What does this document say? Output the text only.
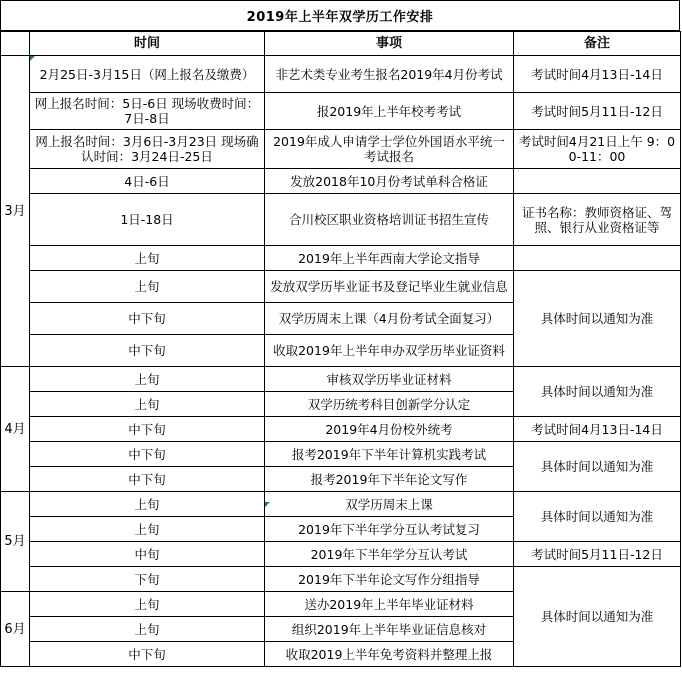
2019年上半年双学历工作安排
	时间	事项	备注
3月	2月25日-3月15日（网上报名及缴费）	非艺术类专业考生报名2019年4月份考试	考试时间4月13日-14日
	网上报名时间：5日-6日 现场收费时间：7日-8日	报2019年上半年校考考试	考试时间5月11日-12日
	网上报名时间：3月6日-3月23日 现场确认时间：3月24日-25日	2019年成人申请学士学位外国语水平统一考试报名	考试时间4月21日上午 9：00-11：00
	4日-6日	发放2018年10月份考试单科合格证	
	1日-18日	合川校区职业资格培训证书招生宣传	证书名称：教师资格证、驾照、银行从业资格证等
	上旬	2019年上半年西南大学论文指导	
	上旬	发放双学历毕业证书及登记毕业生就业信息	具体时间以通知为准
	中下旬	双学历周末上课（4月份考试全面复习）	
	中下旬	收取2019年上半年申办双学历毕业证资料	
4月	上旬	审核双学历毕业证材料	具体时间以通知为准
	上旬	双学历统考科目创新学分认定	
	中下旬	2019年4月份校外统考	考试时间4月13日-14日
	中下旬	报考2019年下半年计算机实践考试	具体时间以通知为准
	中下旬	报考2019年下半年论文写作	
5月	上旬	双学历周末上课	具体时间以通知为准
	上旬	2019年下半年学分互认考试复习	
	中旬	2019年下半年学分互认考试	考试时间5月11日-12日
	下旬	2019年下半年论文写作分组指导	具体时间以通知为准
6月	上旬	送办2019年上半年毕业证材料	
	上旬	组织2019年上半年毕业证信息核对	
	中下旬	收取2019上半年免考资料并整理上报	
